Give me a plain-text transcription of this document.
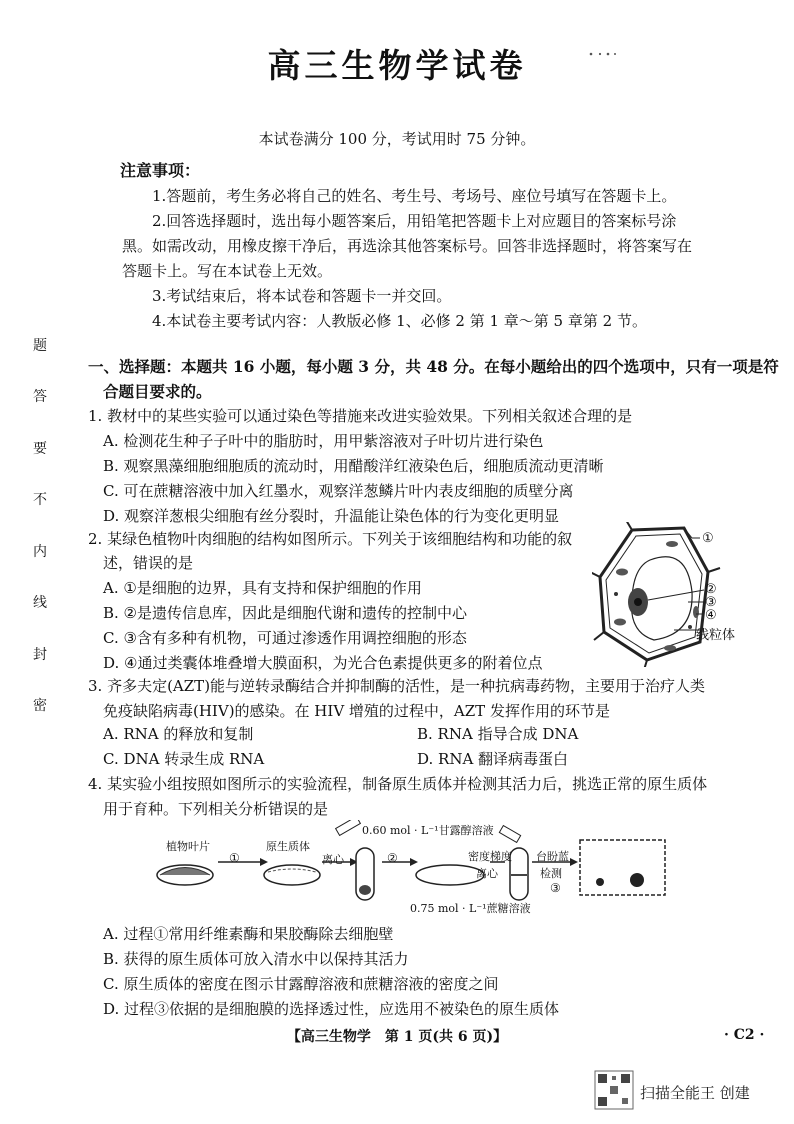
高三生物学试卷
本试卷满分 100 分，考试用时 75 分钟。
注意事项：
1.答题前，考生务必将自己的姓名、考生号、考场号、座位号填写在答题卡上。
2.回答选择题时，选出每小题答案后，用铅笔把答题卡上对应题目的答案标号涂
黑。如需改动，用橡皮擦干净后，再选涂其他答案标号。回答非选择题时，将答案写在
答题卡上。写在本试卷上无效。
3.考试结束后，将本试卷和答题卡一并交回。
4.本试卷主要考试内容：人教版必修 1、必修 2 第 1 章～第 5 章第 2 节。
题
答
要
不
内
线
封
密
一、选择题：本题共 16 小题，每小题 3 分，共 48 分。在每小题给出的四个选项中，只有一项是符
合题目要求的。
1. 教材中的某些实验可以通过染色等措施来改进实验效果。下列相关叙述合理的是
A. 检测花生种子子叶中的脂肪时，用甲紫溶液对子叶切片进行染色
B. 观察黑藻细胞细胞质的流动时，用醋酸洋红液染色后，细胞质流动更清晰
C. 可在蔗糖溶液中加入红墨水，观察洋葱鳞片叶内表皮细胞的质壁分离
D. 观察洋葱根尖细胞有丝分裂时，升温能让染色体的行为变化更明显
2. 某绿色植物叶肉细胞的结构如图所示。下列关于该细胞结构和功能的叙
述，错误的是
A. ①是细胞的边界，具有支持和保护细胞的作用
B. ②是遗传信息库，因此是细胞代谢和遗传的控制中心
C. ③含有多种有机物，可通过渗透作用调控细胞的形态
D. ④通过类囊体堆叠增大膜面积，为光合色素提供更多的附着位点
①
②
③
④
线粒体
3. 齐多夫定(AZT)能与逆转录酶结合并抑制酶的活性，是一种抗病毒药物，主要用于治疗人类
免疫缺陷病毒(HIV)的感染。在 HIV 增殖的过程中，AZT 发挥作用的环节是
A. RNA 的释放和复制	B. RNA 指导合成 DNA
C. DNA 转录生成 RNA	D. RNA 翻译病毒蛋白
4. 某实验小组按照如图所示的实验流程，制备原生质体并检测其活力后，挑选正常的原生质体
用于育种。下列相关分析错误的是
植物叶片
①
原生质体
离心	②
0.60 mol · L⁻¹甘露醇溶液
密度梯度
离心
台盼蓝
检测
③
0.75 mol · L⁻¹蔗糖溶液
A. 过程①常用纤维素酶和果胶酶除去细胞壁
B. 获得的原生质体可放入清水中以保持其活力
C. 原生质体的密度在图示甘露醇溶液和蔗糖溶液的密度之间
D. 过程③依据的是细胞膜的选择透过性，应选用不被染色的原生质体
【高三生物学　第 1 页(共 6 页)】	· C2 ·
扫描全能王 创建
